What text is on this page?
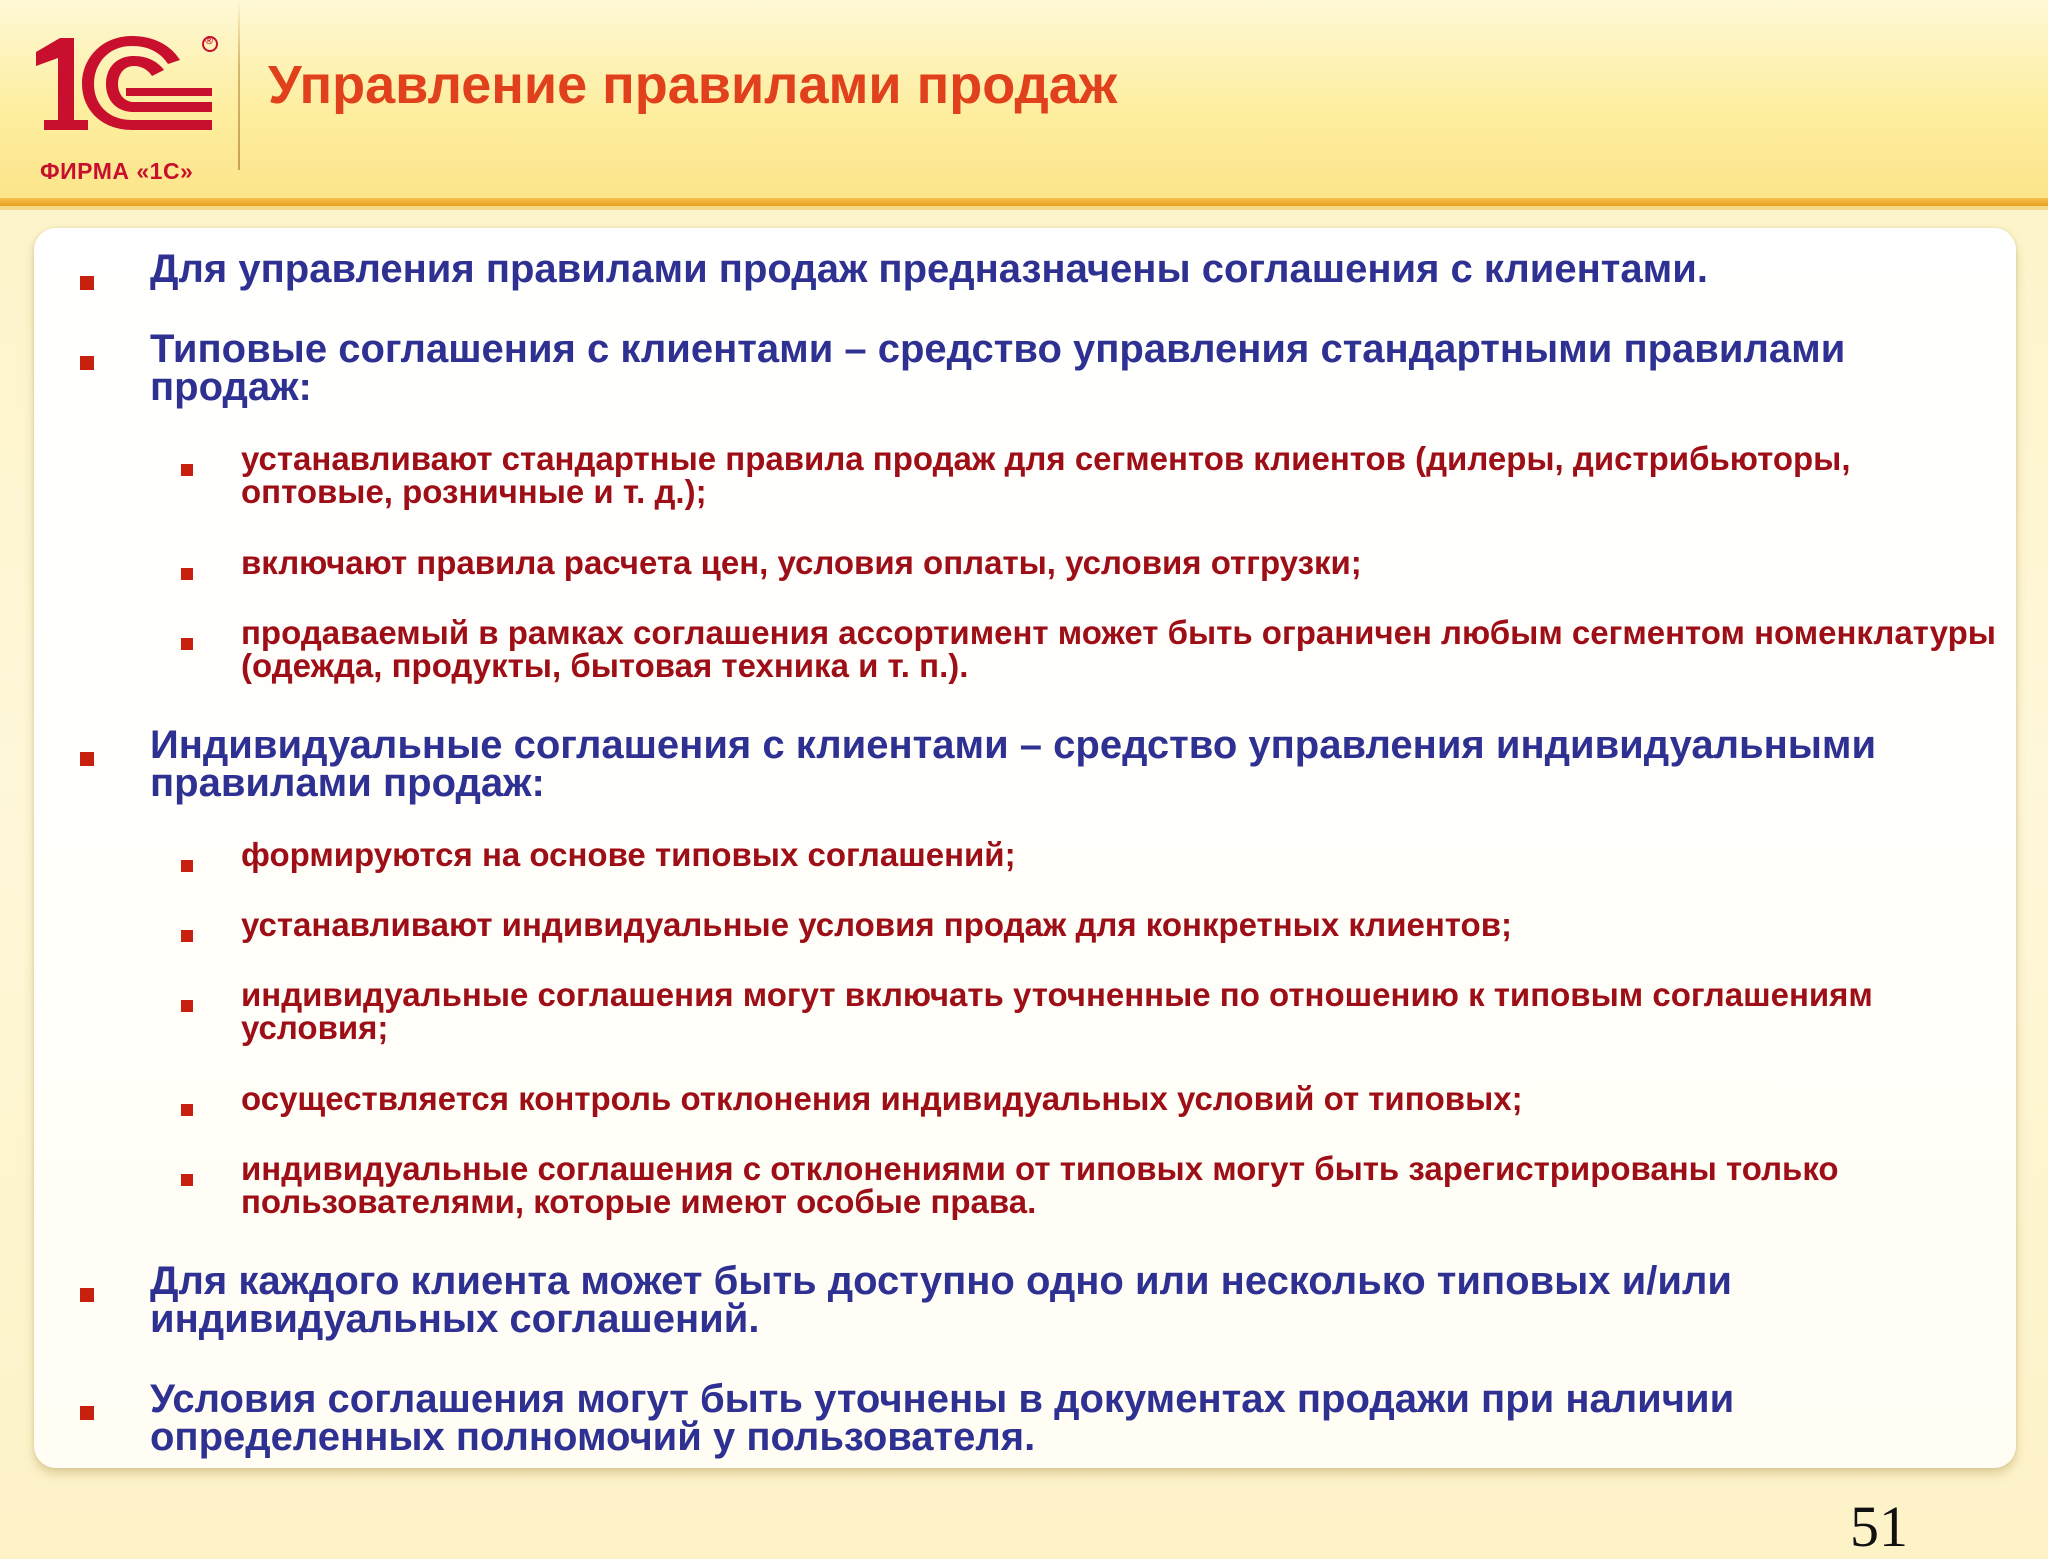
®
ФИРМА «1С»
Управление правилами продаж
Для управления правилами продаж предназначены соглашения с клиентами.
Типовые соглашения с клиентами – средство управления стандартными правилами продаж:
устанавливают стандартные правила продаж для сегментов клиентов (дилеры, дистрибьюторы, оптовые, розничные и т. д.);
включают правила расчета цен, условия оплаты, условия отгрузки;
продаваемый в рамках соглашения ассортимент может быть ограничен любым сегментом номенклатуры (одежда, продукты, бытовая техника и т. п.).
Индивидуальные соглашения с клиентами – средство управления индивидуальными правилами продаж:
формируются на основе типовых соглашений;
устанавливают индивидуальные условия продаж для конкретных клиентов;
индивидуальные соглашения могут включать уточненные по отношению к типовым соглашениям условия;
осуществляется контроль отклонения индивидуальных условий от типовых;
индивидуальные соглашения с отклонениями от типовых могут быть зарегистрированы только пользователями, которые имеют особые права.
Для каждого клиента может быть доступно одно или несколько типовых и/или индивидуальных соглашений.
Условия соглашения могут быть уточнены в документах продажи при наличии определенных полномочий у пользователя.
51
